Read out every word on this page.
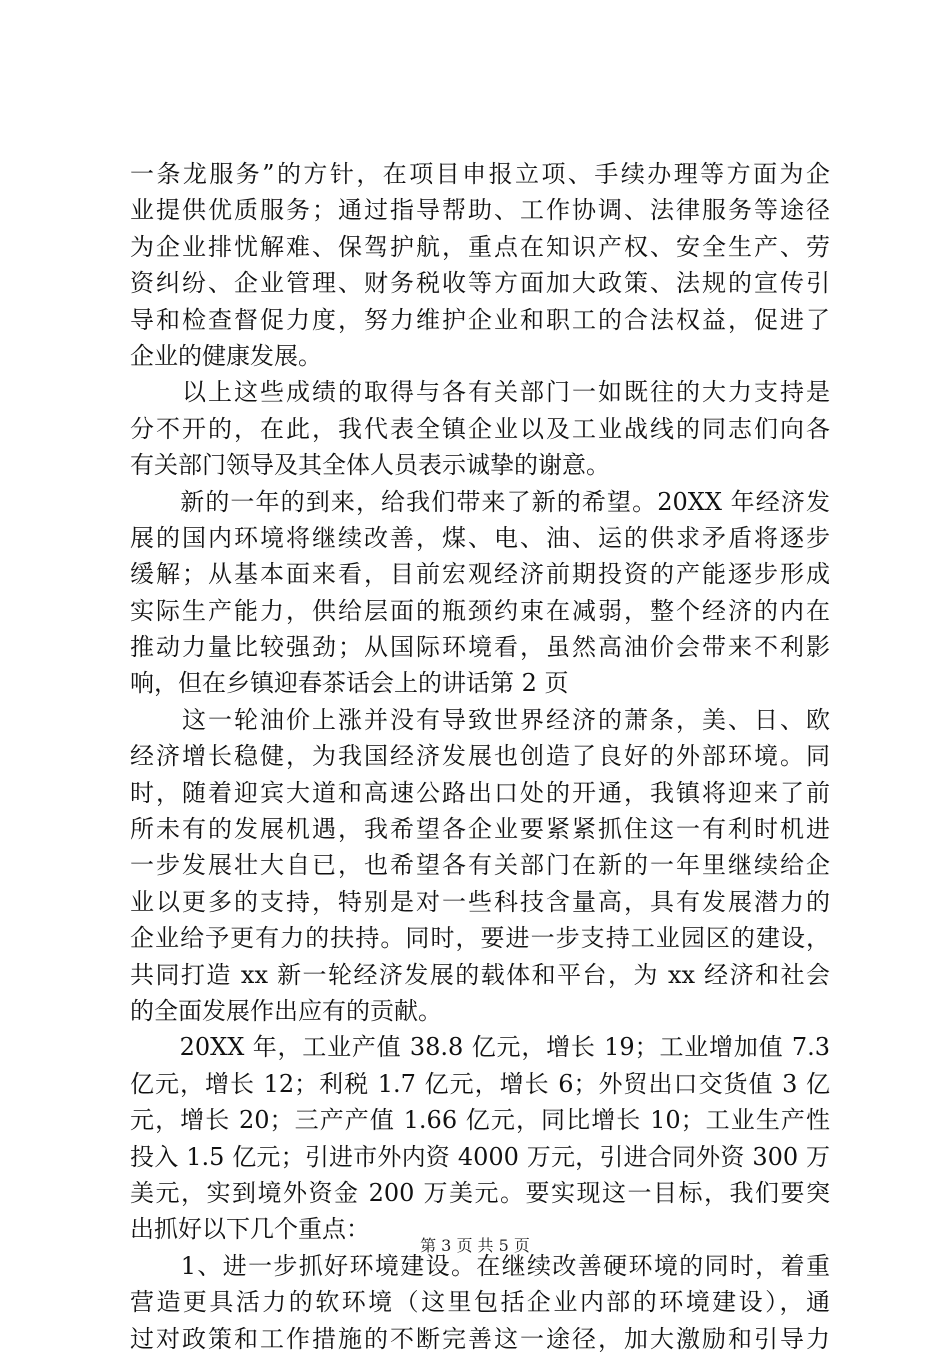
一条龙服务”的方针，在项目申报立项、手续办理等方面为企
业提供优质服务；通过指导帮助、工作协调、法律服务等途径
为企业排忧解难、保驾护航，重点在知识产权、安全生产、劳
资纠纷、企业管理、财务税收等方面加大政策、法规的宣传引
导和检查督促力度，努力维护企业和职工的合法权益，促进了
企业的健康发展。
　　以上这些成绩的取得与各有关部门一如既往的大力支持是
分不开的，在此，我代表全镇企业以及工业战线的同志们向各
有关部门领导及其全体人员表示诚挚的谢意。
　　新的一年的到来，给我们带来了新的希望。20XX 年经济发
展的国内环境将继续改善，煤、电、油、运的供求矛盾将逐步
缓解；从基本面来看，目前宏观经济前期投资的产能逐步形成
实际生产能力，供给层面的瓶颈约束在减弱，整个经济的内在
推动力量比较强劲；从国际环境看，虽然高油价会带来不利影
响，但在乡镇迎春茶话会上的讲话第 2 页
　　这一轮油价上涨并没有导致世界经济的萧条，美、日、欧
经济增长稳健，为我国经济发展也创造了良好的外部环境。同
时，随着迎宾大道和高速公路出口处的开通，我镇将迎来了前
所未有的发展机遇，我希望各企业要紧紧抓住这一有利时机进
一步发展壮大自已，也希望各有关部门在新的一年里继续给企
业以更多的支持，特别是对一些科技含量高，具有发展潜力的
企业给予更有力的扶持。同时，要进一步支持工业园区的建设，
共同打造 xx 新一轮经济发展的载体和平台，为 xx 经济和社会
的全面发展作出应有的贡献。
　　20XX 年，工业产值 38.8 亿元，增长 19；工业增加值 7.3
亿元，增长 12；利税 1.7 亿元，增长 6；外贸出口交货值 3 亿
元，增长 20；三产产值 1.66 亿元，同比增长 10；工业生产性
投入 1.5 亿元；引进市外内资 4000 万元，引进合同外资 300 万
美元，实到境外资金 200 万美元。要实现这一目标，我们要突
出抓好以下几个重点：
　　1、进一步抓好环境建设。在继续改善硬环境的同时，着重
营造更具活力的软环境（这里包括企业内部的环境建设），通
过对政策和工作措施的不断完善这一途径，加大激励和引导力
第 3 页 共 5 页
